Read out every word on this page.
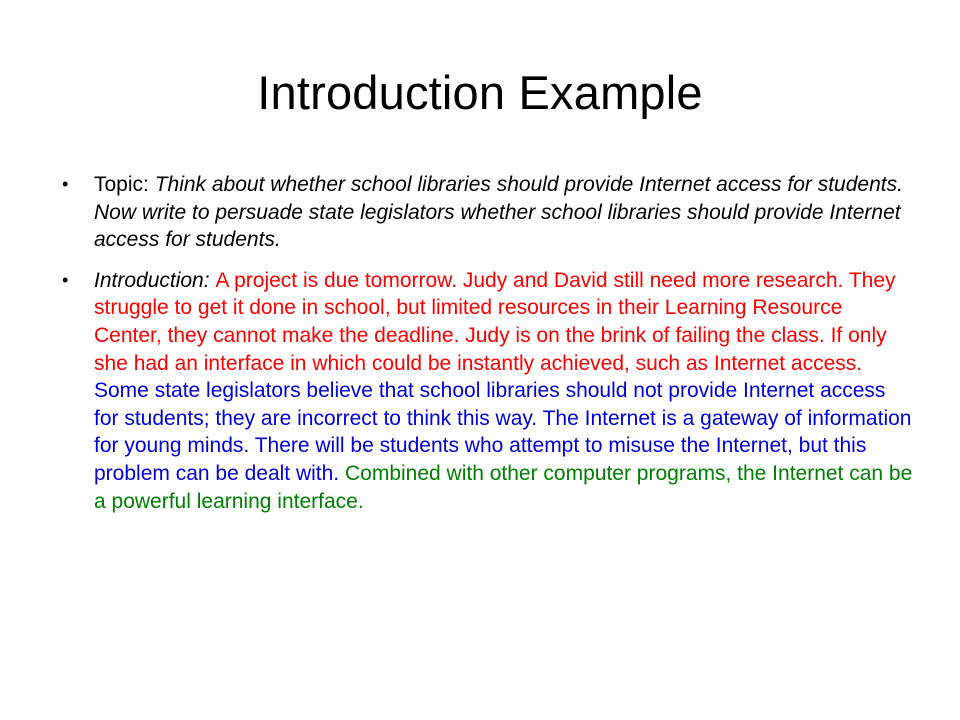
Introduction Example
•	Topic: Think about whether school libraries should provide Internet access for students. Now write to persuade state legislators whether school libraries should provide Internet access for students.
•	Introduction: A project is due tomorrow. Judy and David still need more research. They struggle to get it done in school, but limited resources in their Learning Resource Center, they cannot make the deadline. Judy is on the brink of failing the class. If only she had an interface in which could be instantly achieved, such as Internet access. Some state legislators believe that school libraries should not provide Internet access for students; they are incorrect to think this way. The Internet is a gateway of information for young minds. There will be students who attempt to misuse the Internet, but this problem can be dealt with. Combined with other computer programs, the Internet can be a powerful learning interface.
